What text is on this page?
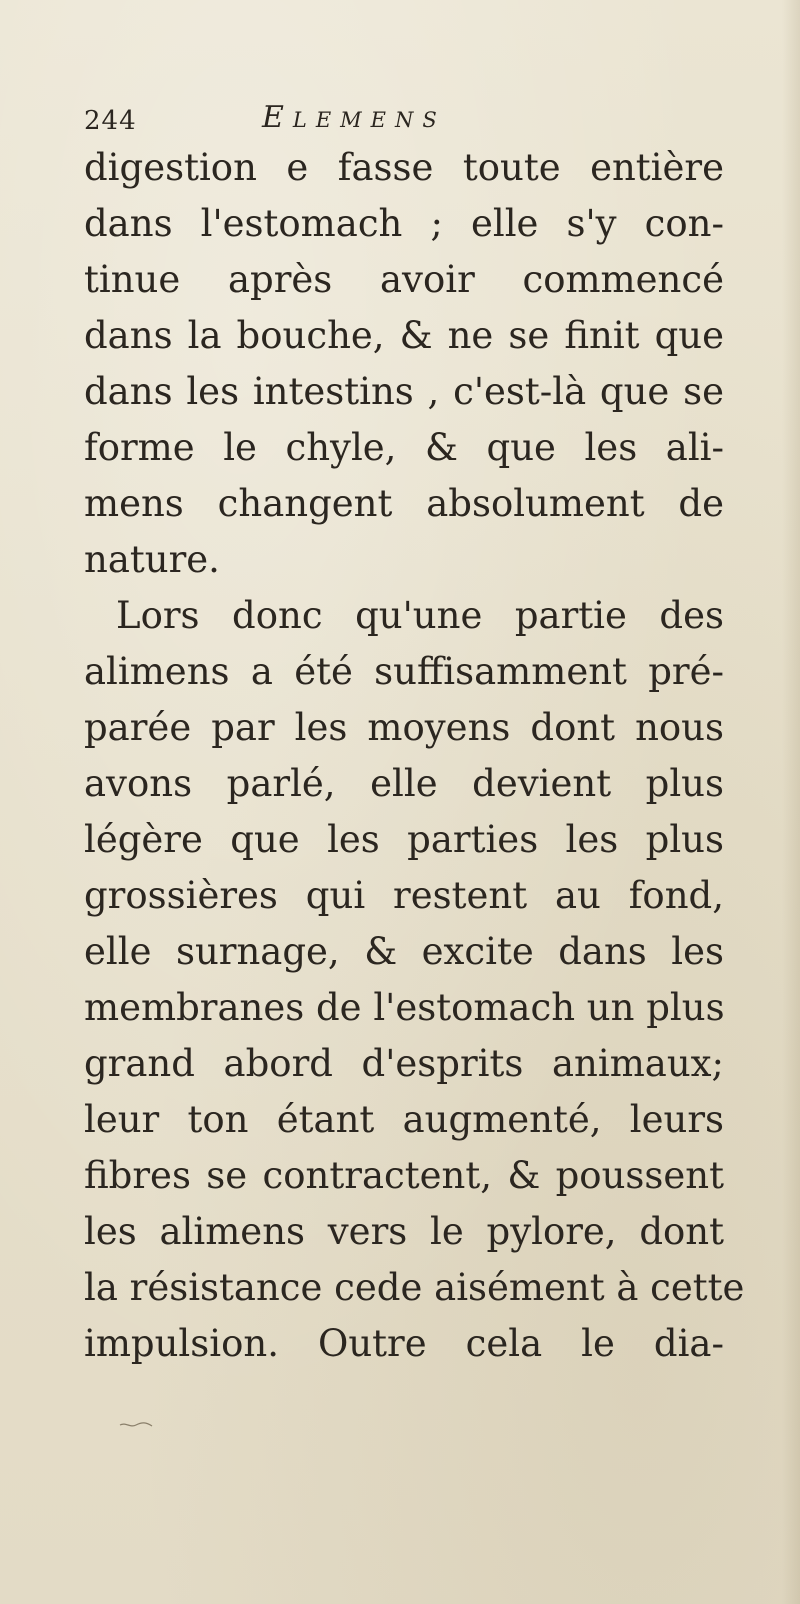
244	Elemens
digestion e fasse toute entière
dans l'estomach ; elle s'y con-
tinue après avoir commencé
dans la bouche, & ne se finit que
dans les intestins , c'est-là que se
forme le chyle, & que les ali-
mens changent absolument de
nature.
Lors donc qu'une partie des
alimens a été suffisamment pré-
parée par les moyens dont nous
avons parlé, elle devient plus
légère que les parties les plus
grossières qui restent au fond,
elle surnage, & excite dans les
membranes de l'estomach un plus
grand abord d'esprits animaux;
leur ton étant augmenté, leurs
fibres se contractent, & poussent
les alimens vers le pylore, dont
la résistance cede aisément à cette
impulsion. Outre cela le dia-
